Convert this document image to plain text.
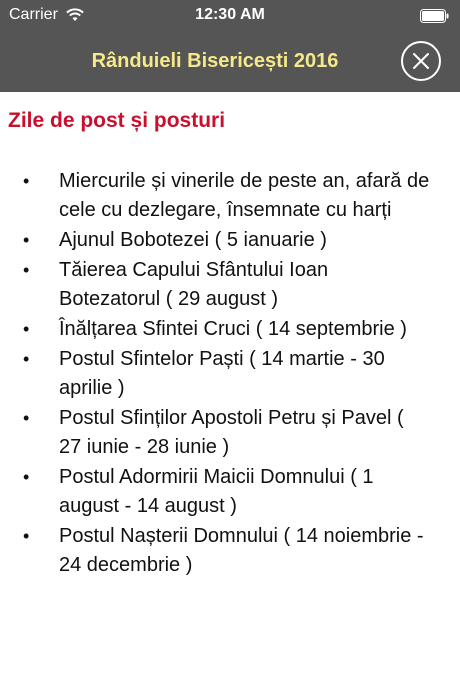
Carrier	12:30 AM
Rânduieli Bisericești 2016
Zile de post și posturi
• Miercurile și vinerile de peste an, afară de cele cu dezlegare, însemnate cu harți
• Ajunul Bobotezei ( 5 ianuarie )
• Tăierea Capului Sfântului Ioan Botezatorul ( 29 august )
• Înălțarea Sfintei Cruci ( 14 septembrie )
• Postul Sfintelor Paști ( 14 martie - 30 aprilie )
• Postul Sfinților Apostoli Petru și Pavel ( 27 iunie - 28 iunie )
• Postul Adormirii Maicii Domnului ( 1 august - 14 august )
• Postul Nașterii Domnului ( 14 noiembrie - 24 decembrie )
